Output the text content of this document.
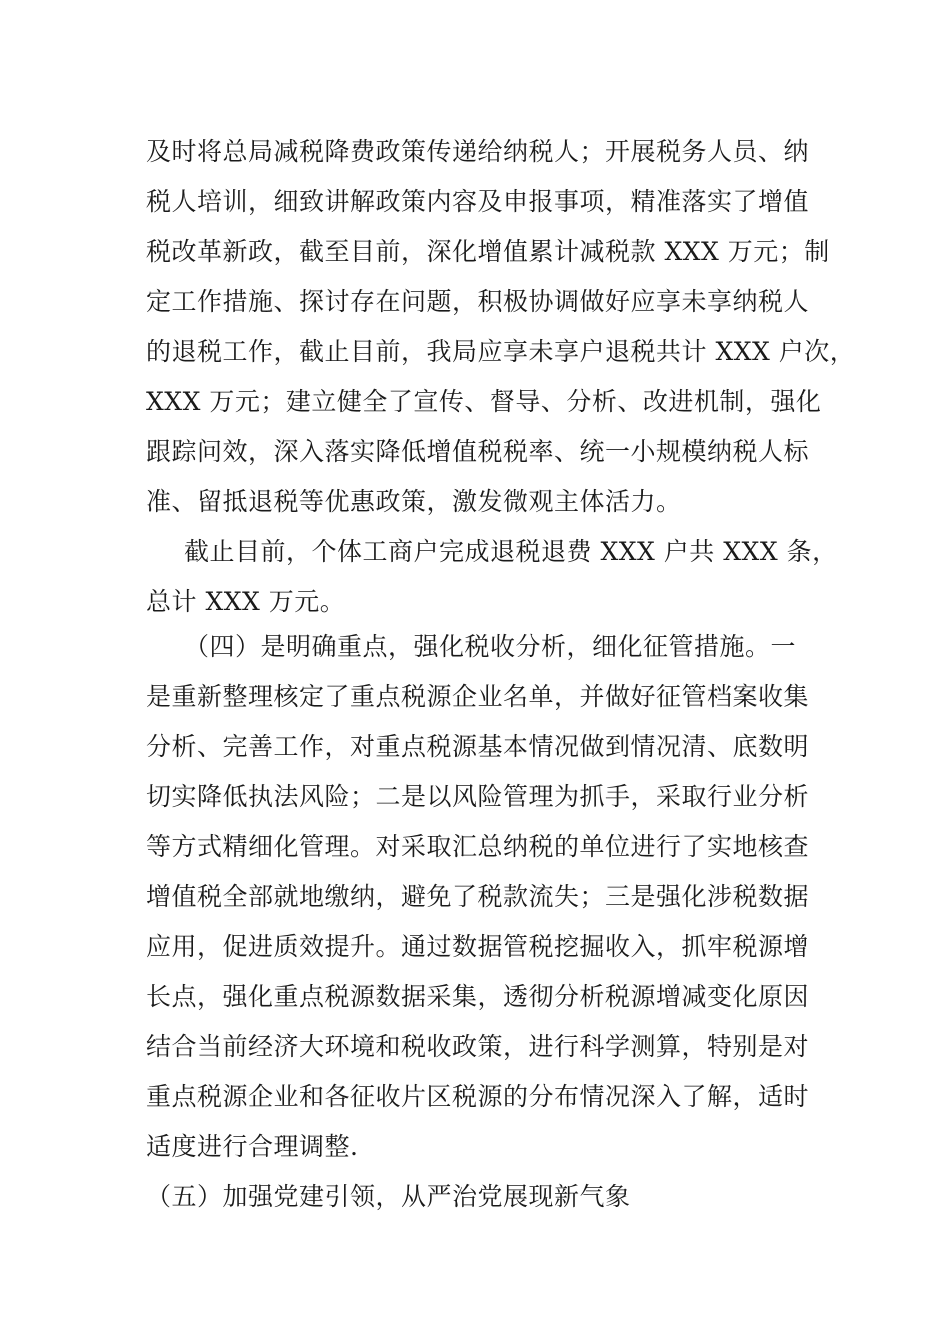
及时将总局减税降费政策传递给纳税人；开展税务人员、纳
税人培训，细致讲解政策内容及申报事项，精准落实了增值
税改革新政，截至目前，深化增值累计减税款 XXX 万元；制
定工作措施、探讨存在问题，积极协调做好应享未享纳税人
的退税工作，截止目前，我局应享未享户退税共计 XXX 户次，
XXX 万元；建立健全了宣传、督导、分析、改进机制，强化
跟踪问效，深入落实降低增值税税率、统一小规模纳税人标
准、留抵退税等优惠政策，激发微观主体活力。
截止目前，个体工商户完成退税退费 XXX 户共 XXX 条，
总计 XXX 万元。
（四）是明确重点，强化税收分析，细化征管措施。一
是重新整理核定了重点税源企业名单，并做好征管档案收集
分析、完善工作，对重点税源基本情况做到情况清、底数明
切实降低执法风险；二是以风险管理为抓手，采取行业分析
等方式精细化管理。对采取汇总纳税的单位进行了实地核查
增值税全部就地缴纳，避免了税款流失；三是强化涉税数据
应用，促进质效提升。通过数据管税挖掘收入，抓牢税源增
长点，强化重点税源数据采集，透彻分析税源增减变化原因
结合当前经济大环境和税收政策，进行科学测算，特别是对
重点税源企业和各征收片区税源的分布情况深入了解，适时
适度进行合理调整.
（五）加强党建引领，从严治党展现新气象
